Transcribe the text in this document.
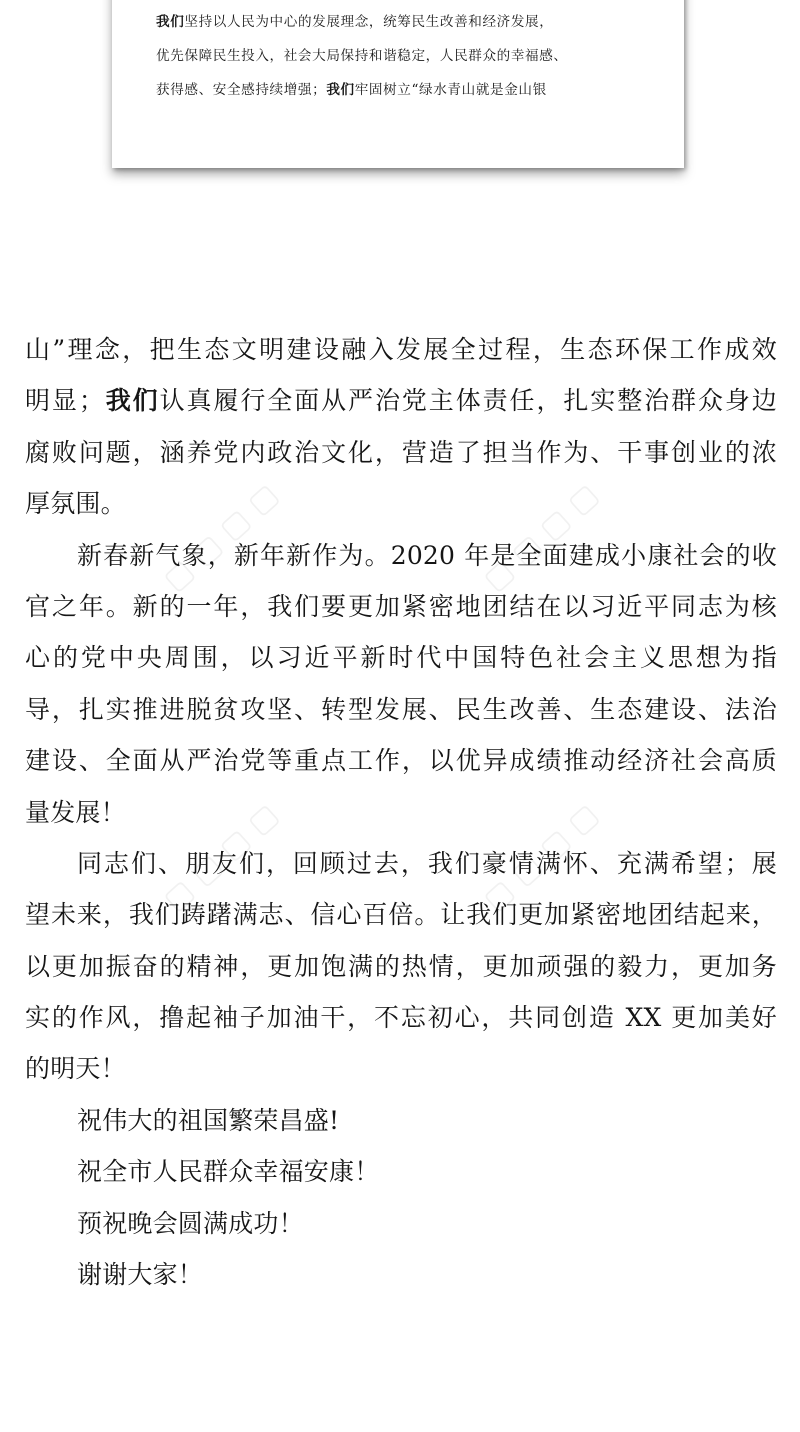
我们坚持以人民为中心的发展理念，统筹民生改善和经济发展，
优先保障民生投入，社会大局保持和谐稳定，人民群众的幸福感、
获得感、安全感持续增强；我们牢固树立“绿水青山就是金山银
▢ ▢ ▢ ▢	▢ ▢ ▢ ▢
▢ ▢ ▢ ▢	▢ ▢ ▢ ▢
山”理念，把生态文明建设融入发展全过程，生态环保工作成效
明显；我们认真履行全面从严治党主体责任，扎实整治群众身边
腐败问题，涵养党内政治文化，营造了担当作为、干事创业的浓
厚氛围。
新春新气象，新年新作为。2020 年是全面建成小康社会的收
官之年。新的一年，我们要更加紧密地团结在以习近平同志为核
心的党中央周围，以习近平新时代中国特色社会主义思想为指
导，扎实推进脱贫攻坚、转型发展、民生改善、生态建设、法治
建设、全面从严治党等重点工作，以优异成绩推动经济社会高质
量发展！
同志们、朋友们，回顾过去，我们豪情满怀、充满希望；展
望未来，我们踌躇满志、信心百倍。让我们更加紧密地团结起来，
以更加振奋的精神，更加饱满的热情，更加顽强的毅力，更加务
实的作风，撸起袖子加油干，不忘初心，共同创造 XX 更加美好
的明天！
祝伟大的祖国繁荣昌盛!
祝全市人民群众幸福安康！
预祝晚会圆满成功！
谢谢大家！
